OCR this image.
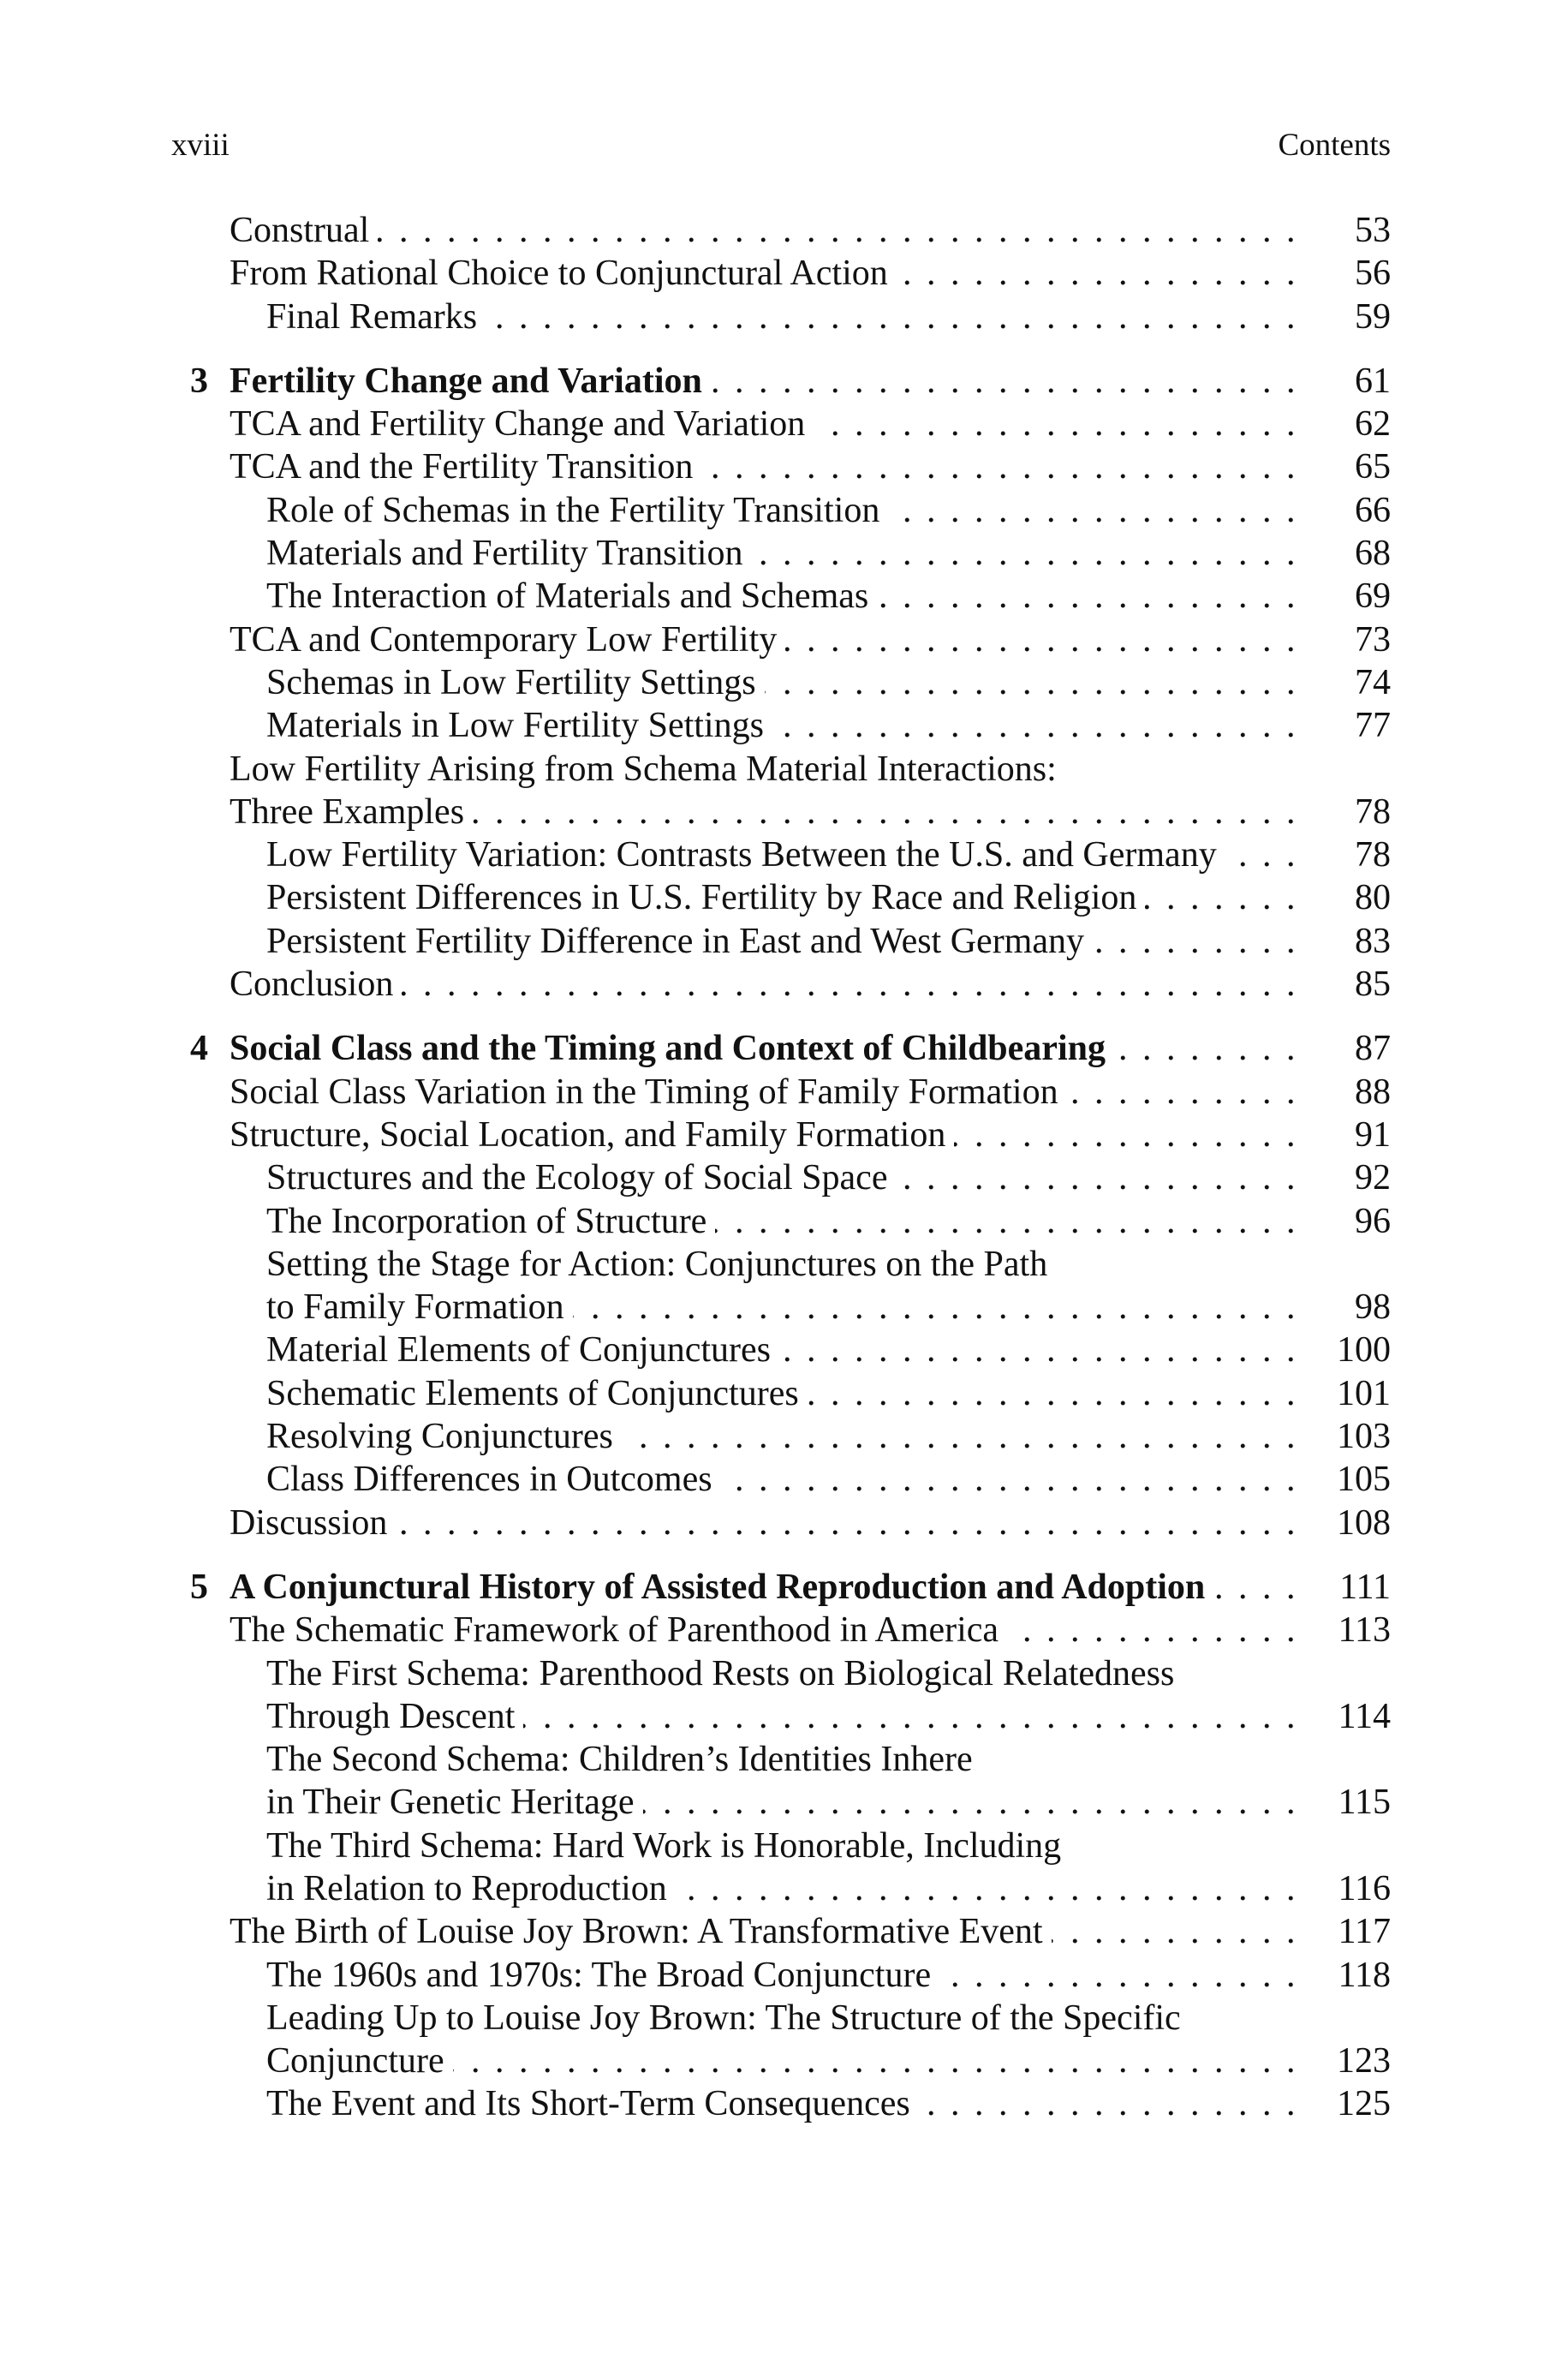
xviii	Contents
Construal . . .	53
From Rational Choice to Conjunctural Action . . .	56
Final Remarks . . .	59
3 Fertility Change and Variation . . .	61
TCA and Fertility Change and Variation . . .	62
TCA and the Fertility Transition . . .	65
Role of Schemas in the Fertility Transition . . .	66
Materials and Fertility Transition . . .	68
The Interaction of Materials and Schemas . . .	69
TCA and Contemporary Low Fertility . . .	73
Schemas in Low Fertility Settings . . .	74
Materials in Low Fertility Settings . . .	77
Low Fertility Arising from Schema Material Interactions:
Three Examples . . .	78
Low Fertility Variation: Contrasts Between the U.S. and Germany . . .	78
Persistent Differences in U.S. Fertility by Race and Religion . . .	80
Persistent Fertility Difference in East and West Germany . . .	83
Conclusion . . .	85
4 Social Class and the Timing and Context of Childbearing . . .	87
Social Class Variation in the Timing of Family Formation . . .	88
Structure, Social Location, and Family Formation . . .	91
Structures and the Ecology of Social Space . . .	92
The Incorporation of Structure . . .	96
Setting the Stage for Action: Conjunctures on the Path
to Family Formation . . .	98
Material Elements of Conjunctures . . .	100
Schematic Elements of Conjunctures . . .	101
Resolving Conjunctures . . .	103
Class Differences in Outcomes . . .	105
Discussion . . .	108
5 A Conjunctural History of Assisted Reproduction and Adoption . . .	111
The Schematic Framework of Parenthood in America . . .	113
The First Schema: Parenthood Rests on Biological Relatedness
Through Descent . . .	114
The Second Schema: Children’s Identities Inhere
in Their Genetic Heritage . . .	115
The Third Schema: Hard Work is Honorable, Including
in Relation to Reproduction . . .	116
The Birth of Louise Joy Brown: A Transformative Event . . .	117
The 1960s and 1970s: The Broad Conjuncture . . .	118
Leading Up to Louise Joy Brown: The Structure of the Specific
Conjuncture . . .	123
The Event and Its Short-Term Consequences . . .	125
